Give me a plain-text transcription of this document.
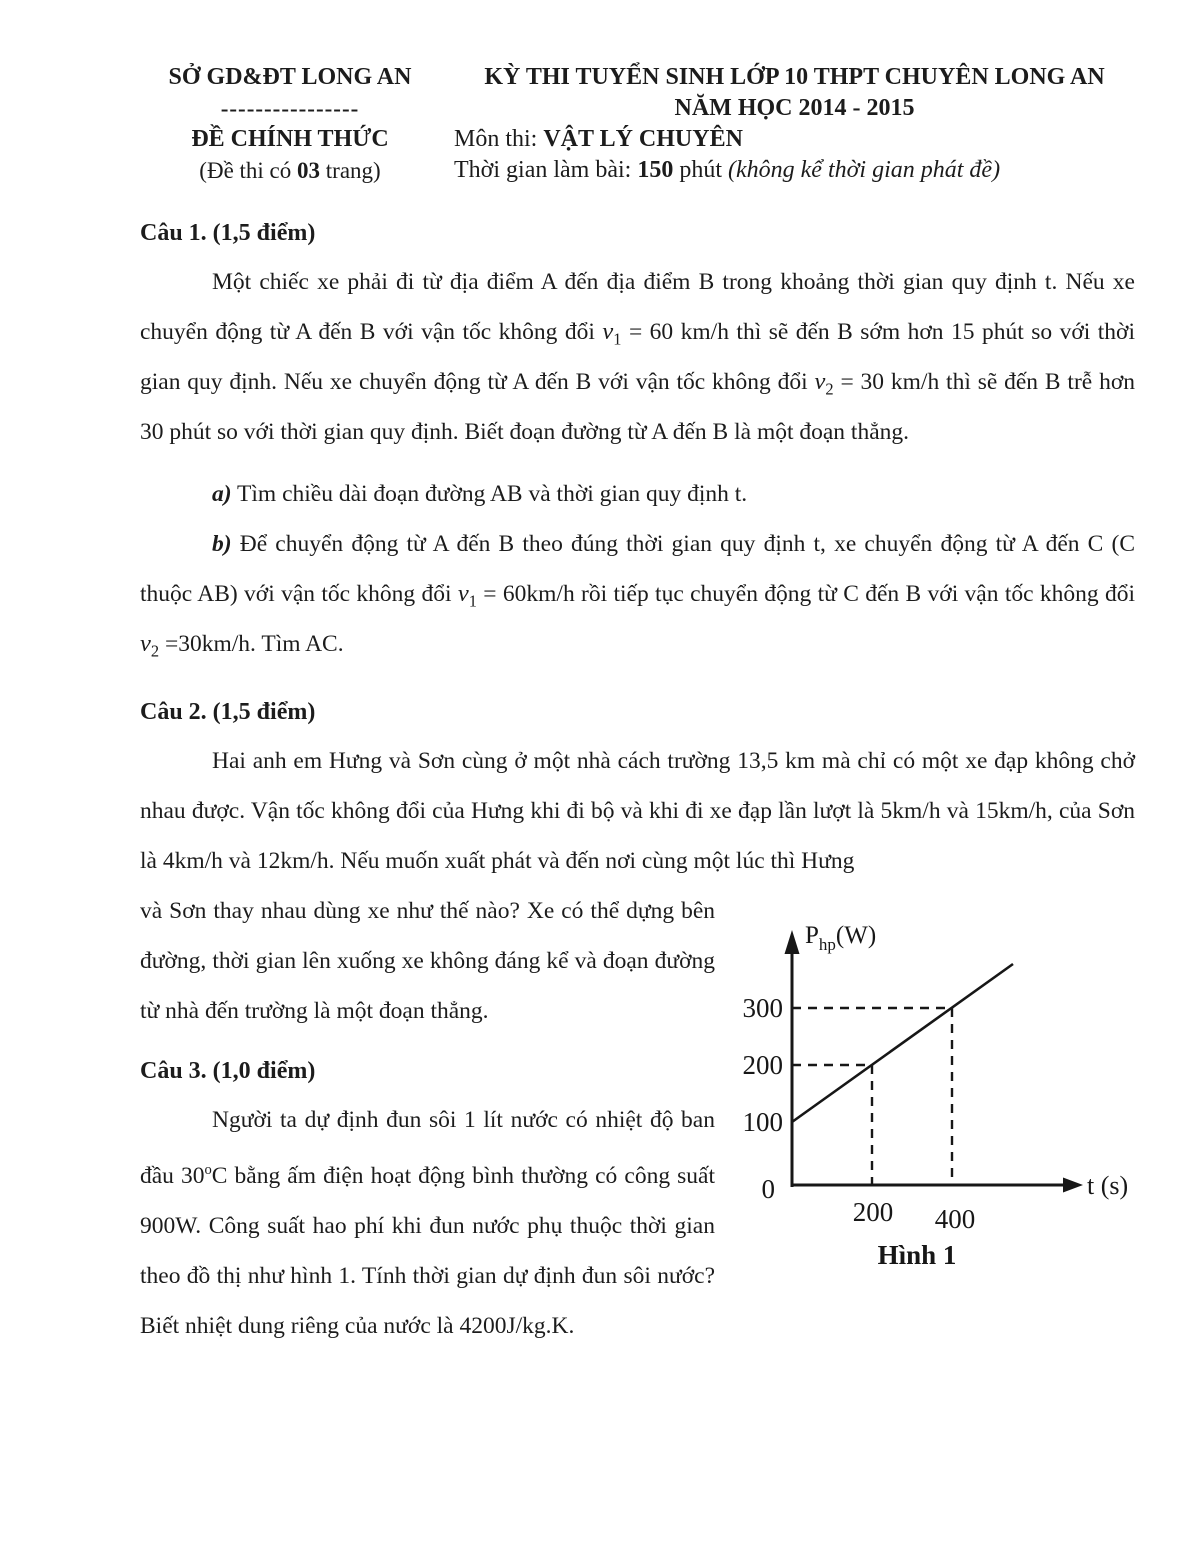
SỞ GD&ĐT LONG AN
----------------
ĐỀ CHÍNH THỨC
(Đề thi có 03 trang)
KỲ THI TUYỂN SINH LỚP 10 THPT CHUYÊN LONG AN
NĂM HỌC 2014 - 2015
Môn thi: VẬT LÝ CHUYÊN
Thời gian làm bài: 150 phút (không kể thời gian phát đề)
Câu 1. (1,5 điểm)

Một chiếc xe phải đi từ địa điểm A đến địa điểm B trong khoảng thời gian quy định t. Nếu xe chuyển động từ A đến B với vận tốc không đổi $v_1 = 60$ km/h thì sẽ đến B sớm hơn 15 phút so với thời gian quy định. Nếu xe chuyển động từ A đến B với vận tốc không đổi $v_2 = 30$ km/h thì sẽ đến B trễ hơn 30 phút so với thời gian quy định. Biết đoạn đường từ A đến B là một đoạn thẳng.

a) Tìm chiều dài đoạn đường AB và thời gian quy định t.

b) Để chuyển động từ A đến B theo đúng thời gian quy định t, xe chuyển động từ A đến C (C thuộc AB) với vận tốc không đổi $v_1 = 60km/h$ rồi tiếp tục chuyển động từ C đến B với vận tốc không đổi $v_2 =30km/h$. Tìm AC.

Câu 2. (1,5 điểm)

Hai anh em Hưng và Sơn cùng ở một nhà cách trường 13,5 km mà chỉ có một xe đạp không chở nhau được. Vận tốc không đổi của Hưng khi đi bộ và khi đi xe đạp lần lượt là 5km/h và 15km/h, của Sơn là 4km/h và 12km/h. Nếu muốn xuất phát và đến nơi cùng một lúc thì Hưng

và Sơn thay nhau dùng xe như thế nào? Xe có thể dựng bên đường, thời gian lên xuống xe không đáng kể và đoạn đường từ nhà đến trường là một đoạn thẳng.

Câu 3. (1,0 điểm)

Người ta dự định đun sôi 1 lít nước có nhiệt độ ban đầu 30$^o$C bằng ấm điện hoạt động bình thường có công suất 900W. Công suất hao phí khi đun nước phụ thuộc thời gian theo đồ thị như hình 1. Tính thời gian dự định đun sôi nước? Biết nhiệt dung riêng của nước là 4200J/kg.K.

$P_{hp}(W)$
t (s)
300
200
100
0
200 400
Hình 1
